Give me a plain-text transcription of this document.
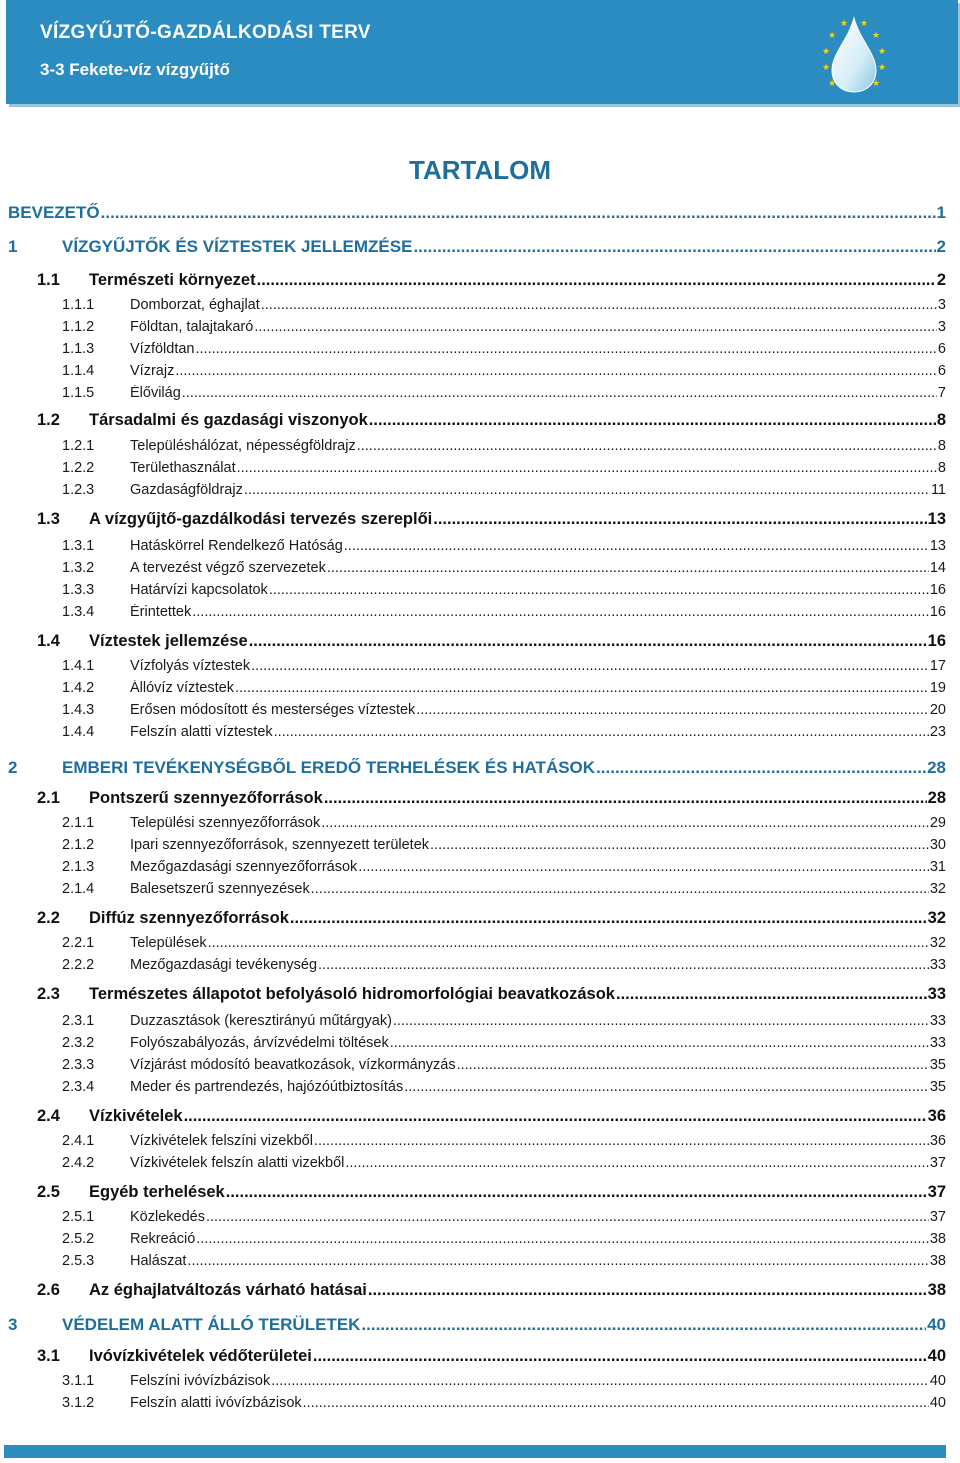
VÍZGYŰJTŐ-GAZDÁLKODÁSI TERV
3-3 Fekete-víz vízgyűjtő
★
★
★
★
★
★
★
★
★ ★
TARTALOM
BEVEZETŐ .....	1
1	VÍZGYŰJTŐK ÉS VÍZTESTEK JELLEMZÉSE .....	2
1.1	Természeti környezet .....	2
1.1.1	Domborzat, éghajlat .....	3
1.1.2	Földtan, talajtakaró .....	3
1.1.3	Vízföldtan .....	6
1.1.4	Vízrajz .....	6
1.1.5	Élővilág .....	7
1.2	Társadalmi és gazdasági viszonyok .....	8
1.2.1	Településhálózat, népességföldrajz .....	8
1.2.2	Területhasználat .....	8
1.2.3	Gazdaságföldrajz .....	11
1.3	A vízgyűjtő-gazdálkodási tervezés szereplői .....	13
1.3.1	Hatáskörrel Rendelkező Hatóság .....	13
1.3.2	A tervezést végző szervezetek .....	14
1.3.3	Határvízi kapcsolatok .....	16
1.3.4	Érintettek .....	16
1.4	Víztestek jellemzése .....	16
1.4.1	Vízfolyás víztestek .....	17
1.4.2	Állóvíz víztestek .....	19
1.4.3	Erősen módosított és mesterséges víztestek .....	20
1.4.4	Felszín alatti víztestek .....	23
2	EMBERI TEVÉKENYSÉGBŐL EREDŐ TERHELÉSEK ÉS HATÁSOK .....	28
2.1	Pontszerű szennyezőforrások .....	28
2.1.1	Települési szennyezőforrások .....	29
2.1.2	Ipari szennyezőforrások, szennyezett területek .....	30
2.1.3	Mezőgazdasági szennyezőforrások .....	31
2.1.4	Balesetszerű szennyezések .....	32
2.2	Diffúz szennyezőforrások .....	32
2.2.1	Települések .....	32
2.2.2	Mezőgazdasági tevékenység .....	33
2.3	Természetes állapotot befolyásoló hidromorfológiai beavatkozások .....	33
2.3.1	Duzzasztások (keresztirányú műtárgyak) .....	33
2.3.2	Folyószabályozás, árvízvédelmi töltések .....	33
2.3.3	Vízjárást módosító beavatkozások, vízkormányzás .....	35
2.3.4	Meder és partrendezés, hajózóútbiztosítás .....	35
2.4	Vízkivételek .....	36
2.4.1	Vízkivételek felszíni vizekből .....	36
2.4.2	Vízkivételek felszín alatti vizekből .....	37
2.5	Egyéb terhelések .....	37
2.5.1	Közlekedés .....	37
2.5.2	Rekreáció .....	38
2.5.3	Halászat .....	38
2.6	Az éghajlatváltozás várható hatásai .....	38
3	VÉDELEM ALATT ÁLLÓ TERÜLETEK .....	40
3.1	Ivóvízkivételek védőterületei .....	40
3.1.1	Felszíni ivóvízbázisok .....	40
3.1.2	Felszín alatti ivóvízbázisok .....	40
